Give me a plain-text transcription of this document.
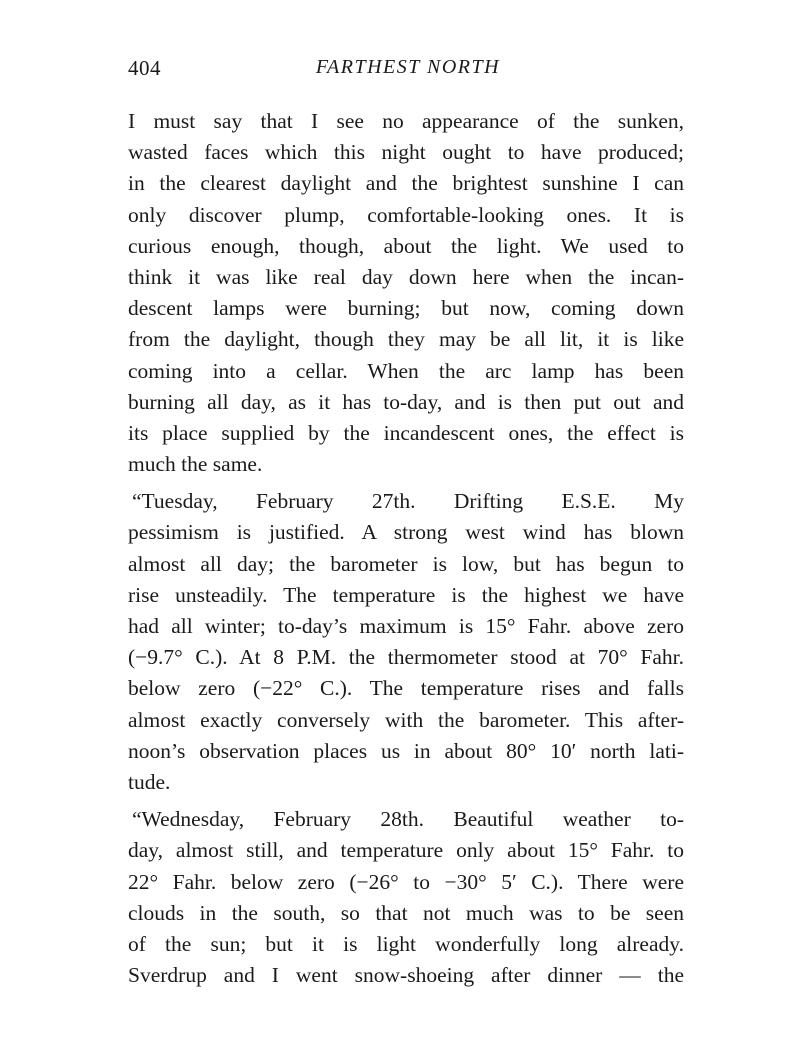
404	FARTHEST NORTH
I must say that I see no appearance of the sunken,
wasted faces which this night ought to have produced;
in the clearest daylight and the brightest sunshine I can
only discover plump, comfortable-looking ones. It is
curious enough, though, about the light. We used to
think it was like real day down here when the incan-
descent lamps were burning; but now, coming down
from the daylight, though they may be all lit, it is like
coming into a cellar. When the arc lamp has been
burning all day, as it has to-day, and is then put out and
its place supplied by the incandescent ones, the effect is
much the same.
“Tuesday, February 27th. Drifting E.S.E. My
pessimism is justified. A strong west wind has blown
almost all day; the barometer is low, but has begun to
rise unsteadily. The temperature is the highest we have
had all winter; to-day’s maximum is 15° Fahr. above zero
(−9.7° C.). At 8 P.M. the thermometer stood at 70° Fahr.
below zero (−22° C.). The temperature rises and falls
almost exactly conversely with the barometer. This after-
noon’s observation places us in about 80° 10′ north lati-
tude.
“Wednesday, February 28th. Beautiful weather to-
day, almost still, and temperature only about 15° Fahr. to
22° Fahr. below zero (−26° to −30° 5′ C.). There were
clouds in the south, so that not much was to be seen
of the sun; but it is light wonderfully long already.
Sverdrup and I went snow-shoeing after dinner — the
